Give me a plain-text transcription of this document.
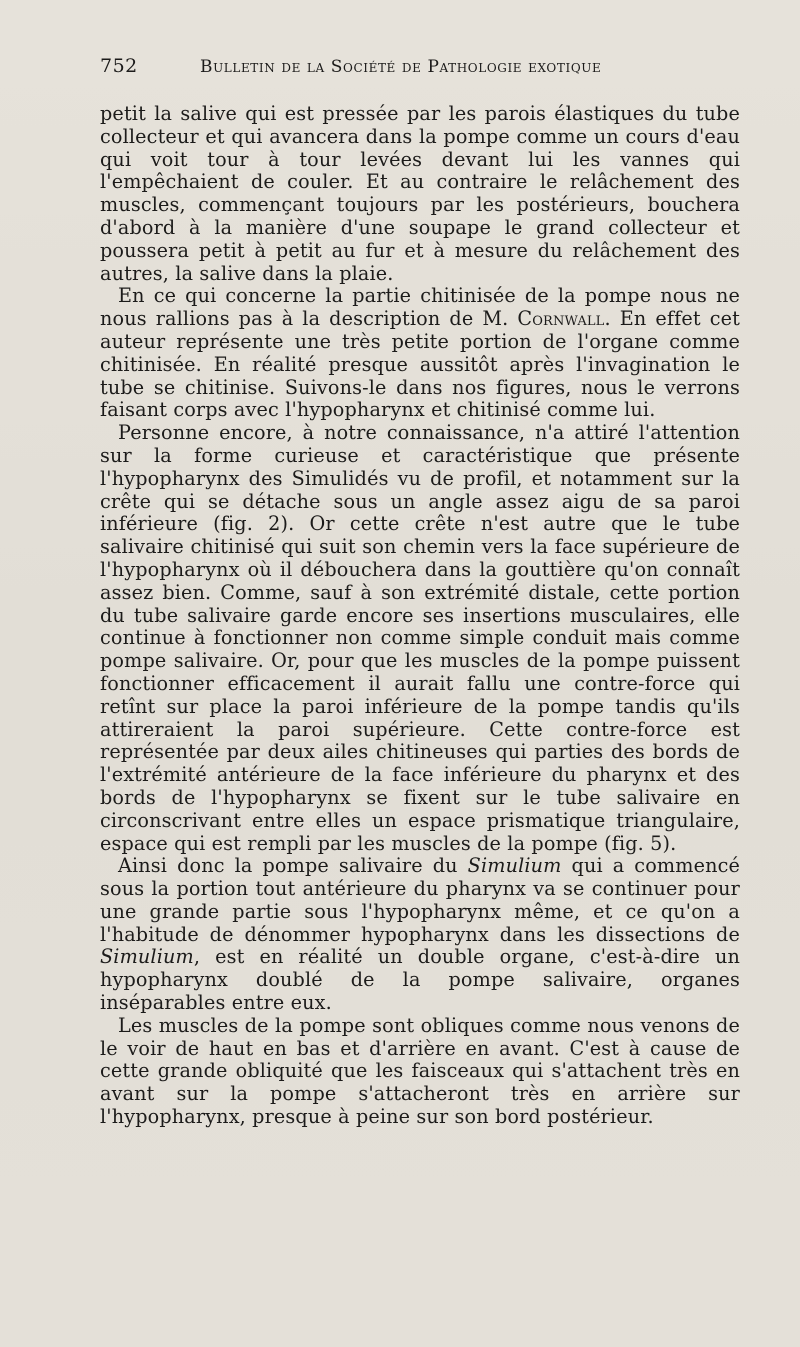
752	Bulletin de la Société de Pathologie exotique

petit la salive qui est pressée par les parois élastiques du tube collecteur et qui avancera dans la pompe comme un cours d'eau qui voit tour à tour levées devant lui les vannes qui l'empêchaient de couler. Et au contraire le relâchement des muscles, commençant toujours par les postérieurs, bouchera d'abord à la manière d'une soupape le grand collecteur et poussera petit à petit au fur et à mesure du relâchement des autres, la salive dans la plaie.

En ce qui concerne la partie chitinisée de la pompe nous ne nous rallions pas à la description de M. Cornwall. En effet cet auteur représente une très petite portion de l'organe comme chitinisée. En réalité presque aussitôt après l'invagination le tube se chitinise. Suivons-le dans nos figures, nous le verrons faisant corps avec l'hypopharynx et chitinisé comme lui.

Personne encore, à notre connaissance, n'a attiré l'attention sur la forme curieuse et caractéristique que présente l'hypopharynx des Simulidés vu de profil, et notamment sur la crête qui se détache sous un angle assez aigu de sa paroi inférieure (fig. 2). Or cette crête n'est autre que le tube salivaire chitinisé qui suit son chemin vers la face supérieure de l'hypopharynx où il débouchera dans la gouttière qu'on connaît assez bien. Comme, sauf à son extrémité distale, cette portion du tube salivaire garde encore ses insertions musculaires, elle continue à fonctionner non comme simple conduit mais comme pompe salivaire. Or, pour que les muscles de la pompe puissent fonctionner efficacement il aurait fallu une contre-force qui retînt sur place la paroi inférieure de la pompe tandis qu'ils attireraient la paroi supérieure. Cette contre-force est représentée par deux ailes chitineuses qui parties des bords de l'extrémité antérieure de la face inférieure du pharynx et des bords de l'hypopharynx se fixent sur le tube salivaire en circonscrivant entre elles un espace prismatique triangulaire, espace qui est rempli par les muscles de la pompe (fig. 5).

Ainsi donc la pompe salivaire du Simulium qui a commencé sous la portion tout antérieure du pharynx va se continuer pour une grande partie sous l'hypopharynx même, et ce qu'on a l'habitude de dénommer hypopharynx dans les dissections de Simulium, est en réalité un double organe, c'est-à-dire un hypopharynx doublé de la pompe salivaire, organes inséparables entre eux.

Les muscles de la pompe sont obliques comme nous venons de le voir de haut en bas et d'arrière en avant. C'est à cause de cette grande obliquité que les faisceaux qui s'attachent très en avant sur la pompe s'attacheront très en arrière sur l'hypopharynx, presque à peine sur son bord postérieur.
